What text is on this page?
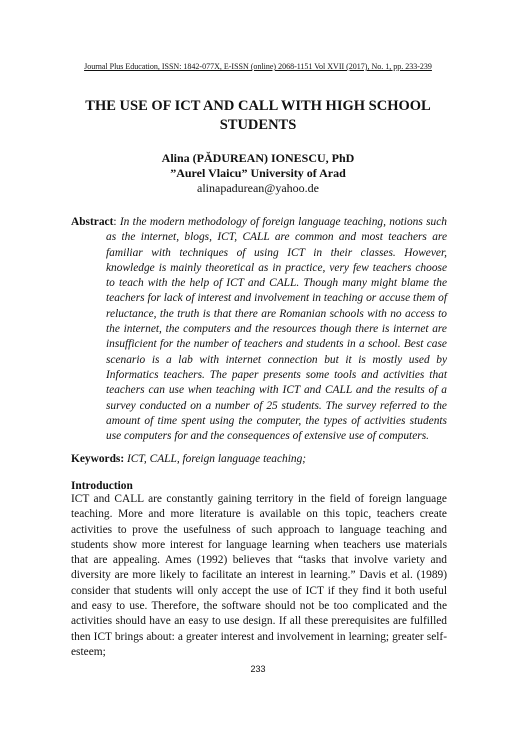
Journal Plus Education, ISSN: 1842-077X, E-ISSN (online) 2068-1151 Vol XVII (2017), No. 1, pp. 233-239
THE USE OF ICT AND CALL WITH HIGH SCHOOL STUDENTS
Alina (PĂDUREAN) IONESCU, PhD
”Aurel Vlaicu” University of Arad
alinapadurean@yahoo.de
Abstract: In the modern methodology of foreign language teaching, notions such as the internet, blogs, ICT, CALL are common and most teachers are familiar with techniques of using ICT in their classes. However, knowledge is mainly theoretical as in practice, very few teachers choose to teach with the help of ICT and CALL. Though many might blame the teachers for lack of interest and involvement in teaching or accuse them of reluctance, the truth is that there are Romanian schools with no access to the internet, the computers and the resources though there is internet are insufficient for the number of teachers and students in a school. Best case scenario is a lab with internet connection but it is mostly used by Informatics teachers. The paper presents some tools and activities that teachers can use when teaching with ICT and CALL and the results of a survey conducted on a number of 25 students. The survey referred to the amount of time spent using the computer, the types of activities students use computers for and the consequences of extensive use of computers.
Keywords: ICT, CALL, foreign language teaching;
Introduction
ICT and CALL are constantly gaining territory in the field of foreign language teaching. More and more literature is available on this topic, teachers create activities to prove the usefulness of such approach to language teaching and students show more interest for language learning when teachers use materials that are appealing. Ames (1992) believes that “tasks that involve variety and diversity are more likely to facilitate an interest in learning.” Davis et al. (1989) consider that students will only accept the use of ICT if they find it both useful and easy to use. Therefore, the software should not be too complicated and the activities should have an easy to use design. If all these prerequisites are fulfilled then ICT brings about: a greater interest and involvement in learning; greater self-esteem;
233
